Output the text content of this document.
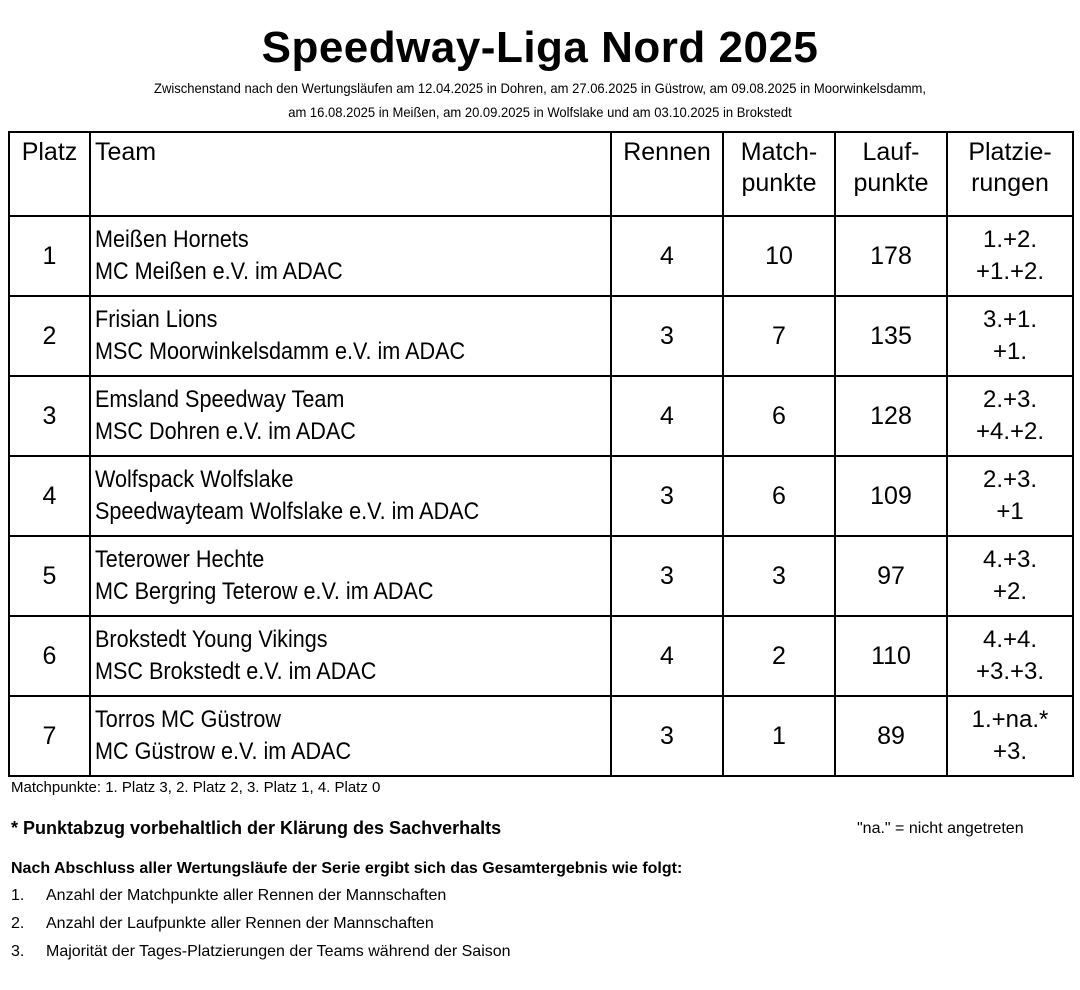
Speedway-Liga Nord 2025
Zwischenstand nach den Wertungsläufen am 12.04.2025 in Dohren, am 27.06.2025 in Güstrow, am 09.08.2025 in Moorwinkelsdamm,
am 16.08.2025 in Meißen, am 20.09.2025 in Wolfslake und am 03.10.2025 in Brokstedt
Platz	Team	Rennen	Match-
punkte	Lauf-
punkte	Platzie-
rungen
1	Meißen Hornets
MC Meißen e.V. im ADAC	4	10	178	1.+2.
+1.+2.

2	Frisian Lions
MSC Moorwinkelsdamm e.V. im ADAC	3	7	135	3.+1.
+1.

3	Emsland Speedway Team
MSC Dohren e.V. im ADAC	4	6	128	2.+3.
+4.+2.

4	Wolfspack Wolfslake
Speedwayteam Wolfslake e.V. im ADAC	3	6	109	2.+3.
+1

5	Teterower Hechte
MC Bergring Teterow e.V. im ADAC	3	3	97	4.+3.
+2.

6	Brokstedt Young Vikings
MSC Brokstedt e.V. im ADAC	4	2	110	4.+4.
+3.+3.

7	Torros MC Güstrow
MC Güstrow e.V. im ADAC	3	1	89	1.+na.*
+3.
Matchpunkte: 1. Platz 3, 2. Platz 2, 3. Platz 1, 4. Platz 0
* Punktabzug vorbehaltlich der Klärung des Sachverhalts	"na." = nicht angetreten
Nach Abschluss aller Wertungsläufe der Serie ergibt sich das Gesamtergebnis wie folgt:
1. Anzahl der Matchpunkte aller Rennen der Mannschaften
2. Anzahl der Laufpunkte aller Rennen der Mannschaften
3. Majorität der Tages-Platzierungen der Teams während der Saison
